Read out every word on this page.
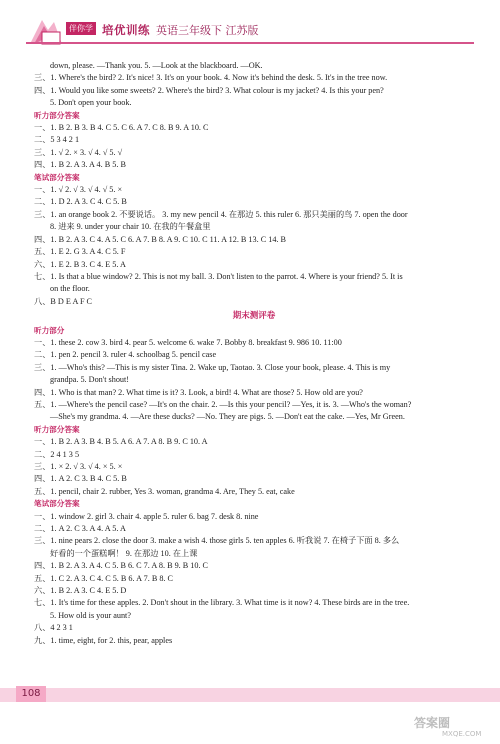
伴你学 培优训练 英语三年级下 江苏版
down, please. —Thank you. 5. —Look at the blackboard. —OK.
三、1. Where's the bird? 2. It's nice! 3. It's on your book. 4. Now it's behind the desk. 5. It's in the tree now.
四、1. Would you like some sweets? 2. Where's the bird? 3. What colour is my jacket? 4. Is this your pen?
5. Don't open your book.
听力部分答案
一、1. B 2. B 3. B 4. C 5. C 6. A 7. C 8. B 9. A 10. C
二、5 3 4 2 1
三、1. √ 2. × 3. √ 4. √ 5. √
四、1. B 2. A 3. A 4. B 5. B
笔试部分答案
一、1. √ 2. √ 3. √ 4. √ 5. ×
二、1. D 2. A 3. C 4. C 5. B
三、1. an orange book 2. 不要说话。 3. my new pencil 4. 在那边 5. this ruler 6. 那只美丽的鸟 7. open the door
8. 进来 9. under your chair 10. 在我的午餐盒里
四、1. B 2. A 3. C 4. A 5. C 6. A 7. B 8. A 9. C 10. C 11. A 12. B 13. C 14. B
五、1. E 2. G 3. A 4. C 5. F
六、1. E 2. B 3. C 4. E 5. A
七、1. Is that a blue window? 2. This is not my ball. 3. Don't listen to the parrot. 4. Where is your friend? 5. It is
on the floor.
八、B D E A F C
期末测评卷
听力部分
一、1. these 2. cow 3. bird 4. pear 5. welcome 6. wake 7. Bobby 8. breakfast 9. 986 10. 11:00
二、1. pen 2. pencil 3. ruler 4. schoolbag 5. pencil case
三、1. —Who's this? —This is my sister Tina. 2. Wake up, Taotao. 3. Close your book, please. 4. This is my
grandpa. 5. Don't shout!
四、1. Who is that man? 2. What time is it? 3. Look, a bird! 4. What are those? 5. How old are you?
五、1. —Where's the pencil case? —It's on the chair. 2. —Is this your pencil? —Yes, it is. 3. —Who's the woman?
—She's my grandma. 4. —Are these ducks? —No. They are pigs. 5. —Don't eat the cake. —Yes, Mr Green.
听力部分答案
一、1. B 2. A 3. B 4. B 5. A 6. A 7. A 8. B 9. C 10. A
二、2 4 1 3 5
三、1. × 2. √ 3. √ 4. × 5. ×
四、1. A 2. C 3. B 4. C 5. B
五、1. pencil, chair 2. rubber, Yes 3. woman, grandma 4. Are, They 5. eat, cake
笔试部分答案
一、1. window 2. girl 3. chair 4. apple 5. ruler 6. bag 7. desk 8. nine
二、1. A 2. C 3. A 4. A 5. A
三、1. nine pears 2. close the door 3. make a wish 4. those girls 5. ten apples 6. 听我说 7. 在椅子下面 8. 多么
好看的一个蛋糕啊！ 9. 在那边 10. 在上课
四、1. B 2. A 3. A 4. C 5. B 6. C 7. A 8. B 9. B 10. C
五、1. C 2. A 3. C 4. C 5. B 6. A 7. B 8. C
六、1. B 2. A 3. C 4. E 5. D
七、1. It's time for these apples. 2. Don't shout in the library. 3. What time is it now? 4. These birds are in the tree.
5. How old is your aunt?
八、4 2 3 1
九、1. time, eight, for 2. this, pear, apples
108
答案圈
MXQE.COM
